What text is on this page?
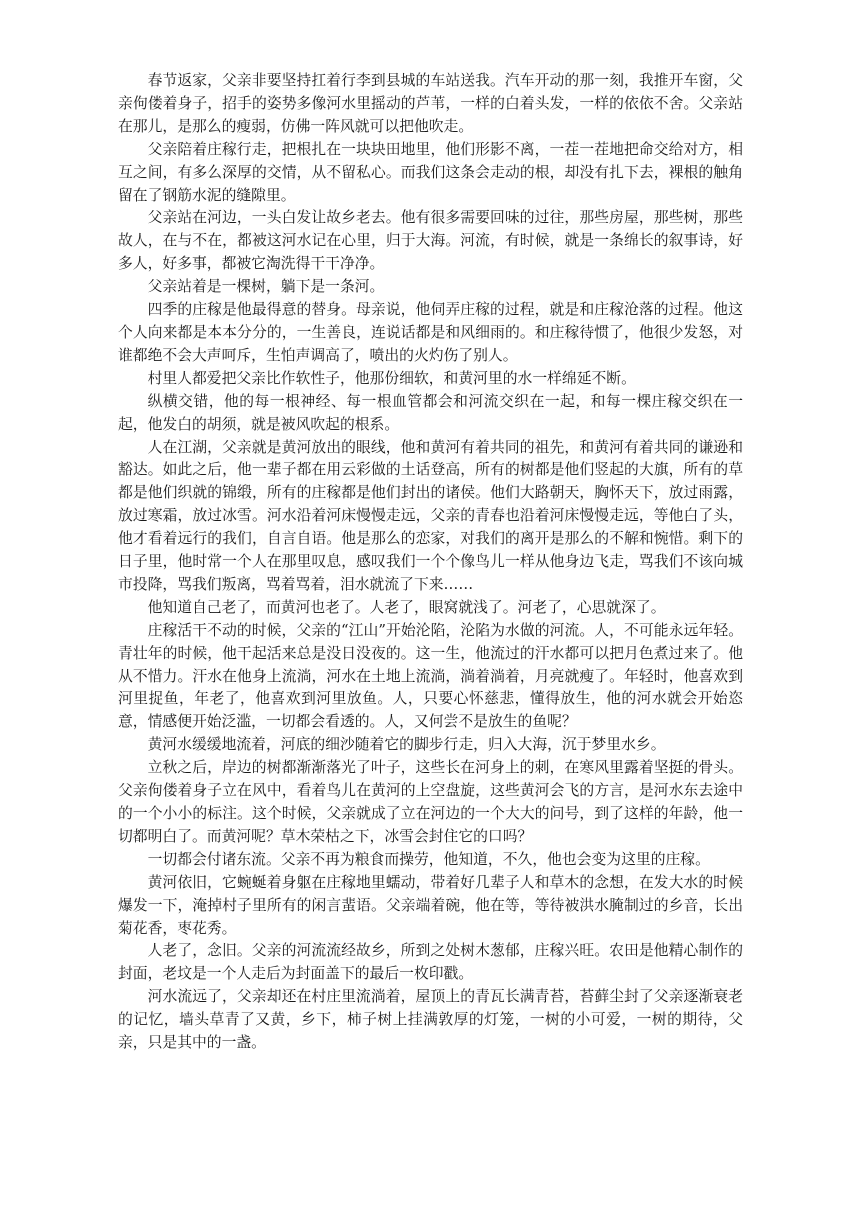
春节返家，父亲非要坚持扛着行李到县城的车站送我。汽车开动的那一刻，我推开车窗，父亲佝偻着身子，招手的姿势多像河水里摇动的芦苇，一样的白着头发，一样的依依不舍。父亲站在那儿，是那么的瘦弱，仿佛一阵风就可以把他吹走。

父亲陪着庄稼行走，把根扎在一块块田地里，他们形影不离，一茬一茬地把命交给对方，相互之间，有多么深厚的交情，从不留私心。而我们这条会走动的根，却没有扎下去，裸根的触角留在了钢筋水泥的缝隙里。

父亲站在河边，一头白发让故乡老去。他有很多需要回味的过往，那些房屋，那些树，那些故人，在与不在，都被这河水记在心里，归于大海。河流，有时候，就是一条绵长的叙事诗，好多人，好多事，都被它淘洗得干干净净。

父亲站着是一棵树，躺下是一条河。

四季的庄稼是他最得意的替身。母亲说，他伺弄庄稼的过程，就是和庄稼沧落的过程。他这个人向来都是本本分分的，一生善良，连说话都是和风细雨的。和庄稼待惯了，他很少发怒，对谁都绝不会大声呵斥，生怕声调高了，喷出的火灼伤了别人。

村里人都爱把父亲比作软性子，他那份细软，和黄河里的水一样绵延不断。

纵横交错，他的每一根神经、每一根血管都会和河流交织在一起，和每一棵庄稼交织在一起，他发白的胡须，就是被风吹起的根系。

人在江湖，父亲就是黄河放出的眼线，他和黄河有着共同的祖先，和黄河有着共同的谦逊和豁达。如此之后，他一辈子都在用云彩做的土话登高，所有的树都是他们竖起的大旗，所有的草都是他们织就的锦缎，所有的庄稼都是他们封出的诸侯。他们大路朝天，胸怀天下，放过雨露，放过寒霜，放过冰雪。河水沿着河床慢慢走远，父亲的青春也沿着河床慢慢走远，等他白了头，他才看着远行的我们，自言自语。他是那么的恋家，对我们的离开是那么的不解和惋惜。剩下的日子里，他时常一个人在那里叹息，感叹我们一个个像鸟儿一样从他身边飞走，骂我们不该向城市投降，骂我们叛离，骂着骂着，泪水就流了下来……

他知道自己老了，而黄河也老了。人老了，眼窝就浅了。河老了，心思就深了。

庄稼活干不动的时候，父亲的“江山”开始沦陷，沦陷为水做的河流。人，不可能永远年轻。青壮年的时候，他干起活来总是没日没夜的。这一生，他流过的汗水都可以把月色煮过来了。他从不惜力。汗水在他身上流淌，河水在土地上流淌，淌着淌着，月亮就瘦了。年轻时，他喜欢到河里捉鱼，年老了，他喜欢到河里放鱼。人，只要心怀慈悲，懂得放生，他的河水就会开始恣意，情感便开始泛滥，一切都会看透的。人，又何尝不是放生的鱼呢？

黄河水缓缓地流着，河底的细沙随着它的脚步行走，归入大海，沉于梦里水乡。

立秋之后，岸边的树都渐渐落光了叶子，这些长在河身上的刺，在寒风里露着坚挺的骨头。父亲佝偻着身子立在风中，看着鸟儿在黄河的上空盘旋，这些黄河会飞的方言，是河水东去途中的一个小小的标注。这个时候，父亲就成了立在河边的一个大大的问号，到了这样的年龄，他一切都明白了。而黄河呢？草木荣枯之下，冰雪会封住它的口吗？

一切都会付诸东流。父亲不再为粮食而操劳，他知道，不久，他也会变为这里的庄稼。

黄河依旧，它蜿蜒着身躯在庄稼地里蠕动，带着好几辈子人和草木的念想，在发大水的时候爆发一下，淹掉村子里所有的闲言蜚语。父亲端着碗，他在等，等待被洪水腌制过的乡音，长出菊花香，枣花秀。

人老了，念旧。父亲的河流流经故乡，所到之处树木葱郁，庄稼兴旺。农田是他精心制作的封面，老坟是一个人走后为封面盖下的最后一枚印戳。

河水流远了，父亲却还在村庄里流淌着，屋顶上的青瓦长满青苔，苔藓尘封了父亲逐渐衰老的记忆，墙头草青了又黄，乡下，柿子树上挂满敦厚的灯笼，一树的小可爱，一树的期待，父亲，只是其中的一盏。
